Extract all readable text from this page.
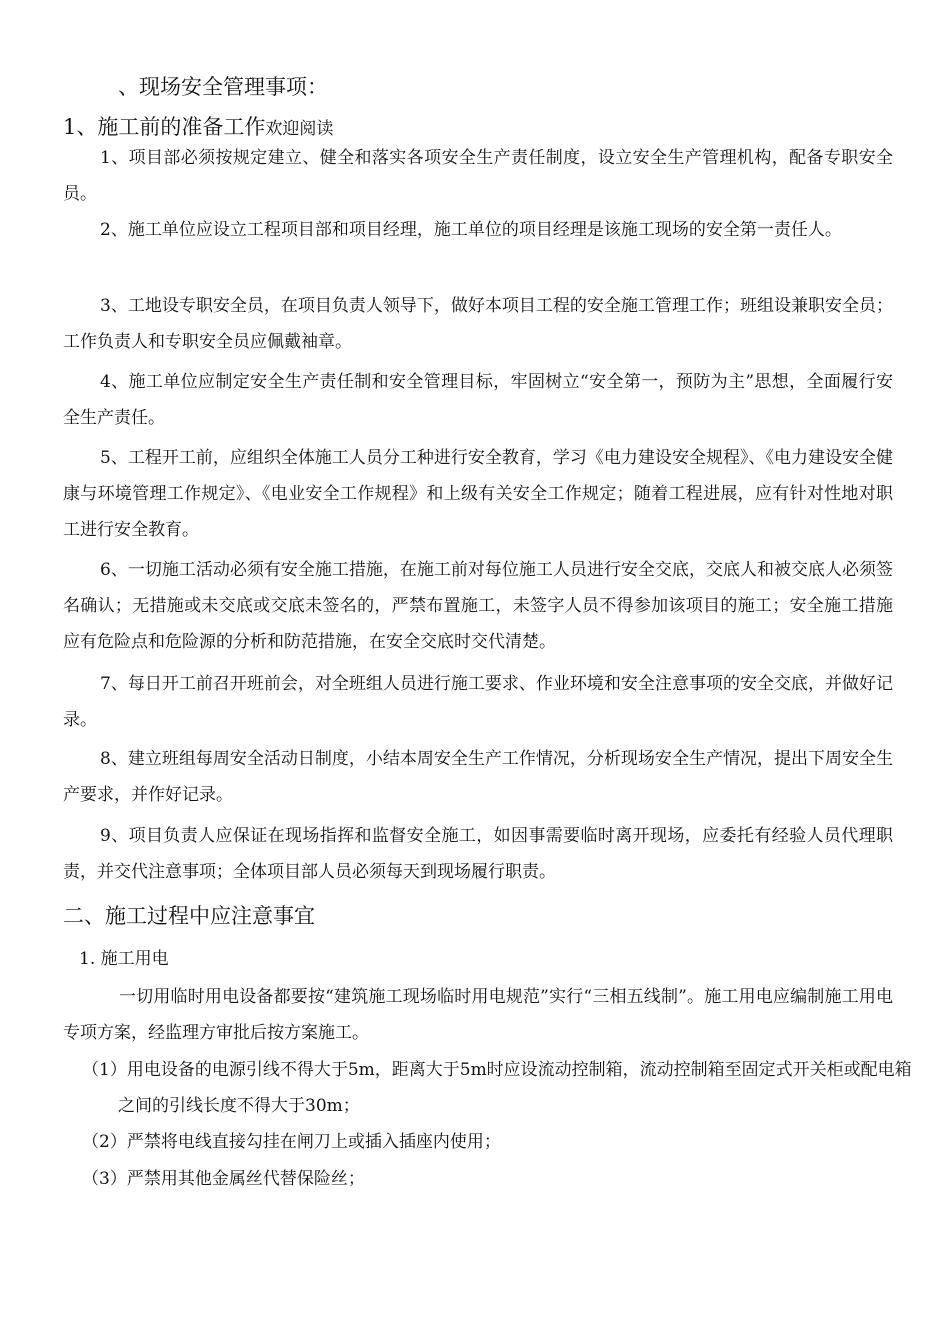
、现场安全管理事项：
1、施工前的准备工作欢迎阅读

1、项目部必须按规定建立、健全和落实各项安全生产责任制度，设立安全生产管理机构，配备专职安全员。

2、施工单位应设立工程项目部和项目经理，施工单位的项目经理是该施工现场的安全第一责任人。

3、工地设专职安全员，在项目负责人领导下，做好本项目工程的安全施工管理工作；班组设兼职安全员；工作负责人和专职安全员应佩戴袖章。

4、施工单位应制定安全生产责任制和安全管理目标，牢固树立“安全第一，预防为主”思想，全面履行安全生产责任。

5、工程开工前，应组织全体施工人员分工种进行安全教育，学习《电力建设安全规程》、《电力建设安全健康与环境管理工作规定》、《电业安全工作规程》和上级有关安全工作规定；随着工程进展，应有针对性地对职工进行安全教育。

6、一切施工活动必须有安全施工措施，在施工前对每位施工人员进行安全交底，交底人和被交底人必须签名确认；无措施或未交底或交底未签名的，严禁布置施工，未签字人员不得参加该项目的施工；安全施工措施应有危险点和危险源的分析和防范措施，在安全交底时交代清楚。

7、每日开工前召开班前会，对全班组人员进行施工要求、作业环境和安全注意事项的安全交底，并做好记录。

8、建立班组每周安全活动日制度，小结本周安全生产工作情况，分析现场安全生产情况，提出下周安全生产要求，并作好记录。

9、项目负责人应保证在现场指挥和监督安全施工，如因事需要临时离开现场，应委托有经验人员代理职责，并交代注意事项；全体项目部人员必须每天到现场履行职责。

二、施工过程中应注意事宜
1. 施工用电

一切用临时用电设备都要按“建筑施工现场临时用电规范”实行“三相五线制”。施工用电应编制施工用电专项方案，经监理方审批后按方案施工。

（1）用电设备的电源引线不得大于5m，距离大于5m时应设流动控制箱，流动控制箱至固定式开关柜或配电箱之间的引线长度不得大于30m；

（2）严禁将电线直接勾挂在闸刀上或插入插座内使用；

（3）严禁用其他金属丝代替保险丝；
